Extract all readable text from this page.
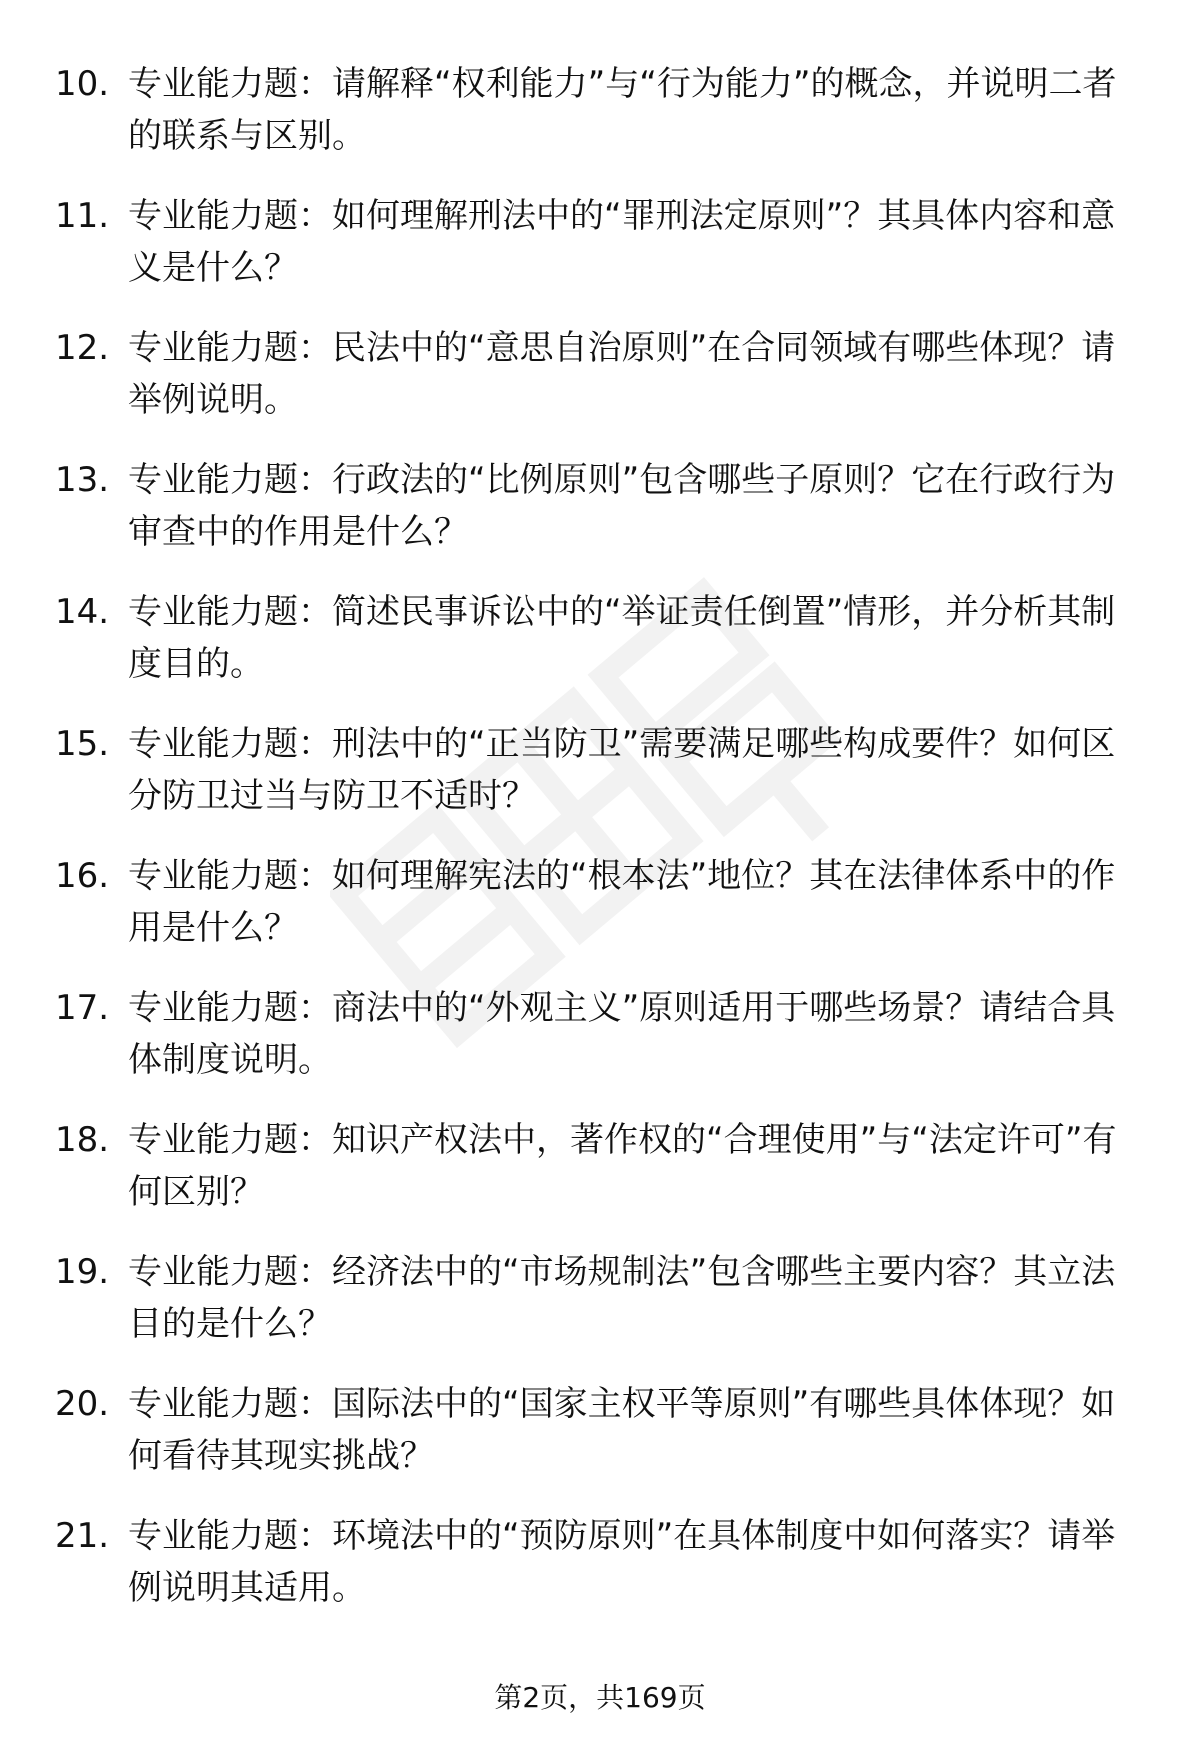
10. 专业能力题：请解释“权利能力”与“行为能力”的概念，并说明二者的联系与区别。
11. 专业能力题：如何理解刑法中的“罪刑法定原则”？其具体内容和意义是什么？
12. 专业能力题：民法中的“意思自治原则”在合同领域有哪些体现？请举例说明。
13. 专业能力题：行政法的“比例原则”包含哪些子原则？它在行政行为审查中的作用是什么？
14. 专业能力题：简述民事诉讼中的“举证责任倒置”情形，并分析其制度目的。
15. 专业能力题：刑法中的“正当防卫”需要满足哪些构成要件？如何区分防卫过当与防卫不适时？
16. 专业能力题：如何理解宪法的“根本法”地位？其在法律体系中的作用是什么？
17. 专业能力题：商法中的“外观主义”原则适用于哪些场景？请结合具体制度说明。
18. 专业能力题：知识产权法中，著作权的“合理使用”与“法定许可”有何区别？
19. 专业能力题：经济法中的“市场规制法”包含哪些主要内容？其立法目的是什么？
20. 专业能力题：国际法中的“国家主权平等原则”有哪些具体体现？如何看待其现实挑战？
21. 专业能力题：环境法中的“预防原则”在具体制度中如何落实？请举例说明其适用。
第2页，共169页
